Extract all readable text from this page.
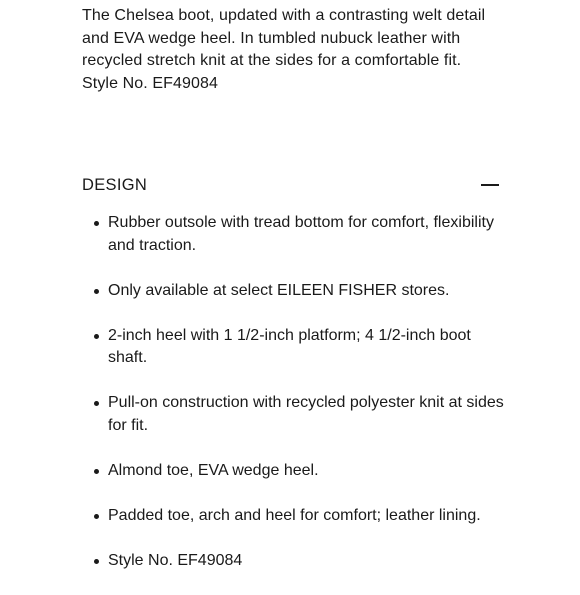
The Chelsea boot, updated with a contrasting welt detail and EVA wedge heel. In tumbled nubuck leather with recycled stretch knit at the sides for a comfortable fit.

Style No. EF49084

DESIGN
Rubber outsole with tread bottom for comfort, flexibility and traction.
Only available at select EILEEN FISHER stores.
2-inch heel with 1 1/2-inch platform; 4 1/2-inch boot shaft.
Pull-on construction with recycled polyester knit at sides for fit.
Almond toe, EVA wedge heel.
Padded toe, arch and heel for comfort; leather lining.
Style No. EF49084
